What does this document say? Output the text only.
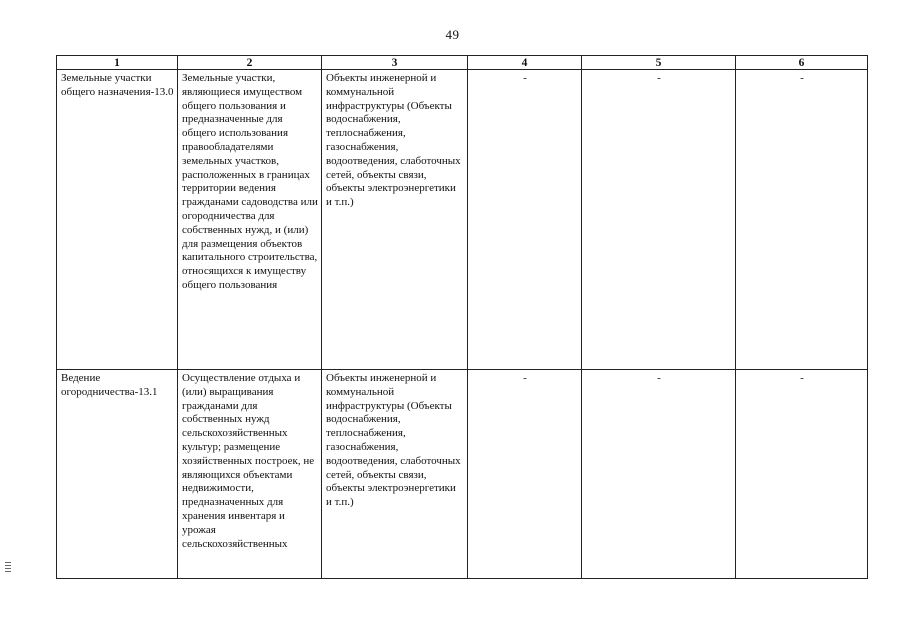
49
1	2	3	4	5	6
Земельные участки общего назначения-13.0	Земельные участки, являющиеся имуществом общего пользования и предназначенные для общего использования правообладателями земельных участков, расположенных в границах территории ведения гражданами садоводства или огородничества для собственных нужд, и (или) для размещения объектов капитального строительства, относящихся к имуществу общего пользования	Объекты инженерной и коммунальной инфраструктуры (Объекты водоснабжения, теплоснабжения, газоснабжения, водоотведения, слаботочных сетей, объекты связи, объекты электроэнергетики и т.п.)	-	-	-
Ведение огородничества-13.1	Осуществление отдыха и (или) выращивания гражданами для собственных нужд сельскохозяйственных культур; размещение хозяйственных построек, не являющихся объектами недвижимости, предназначенных для хранения инвентаря и урожая сельскохозяйственных	Объекты инженерной и коммунальной инфраструктуры (Объекты водоснабжения, теплоснабжения, газоснабжения, водоотведения, слаботочных сетей, объекты связи, объекты электроэнергетики и т.п.)	-	-	-
